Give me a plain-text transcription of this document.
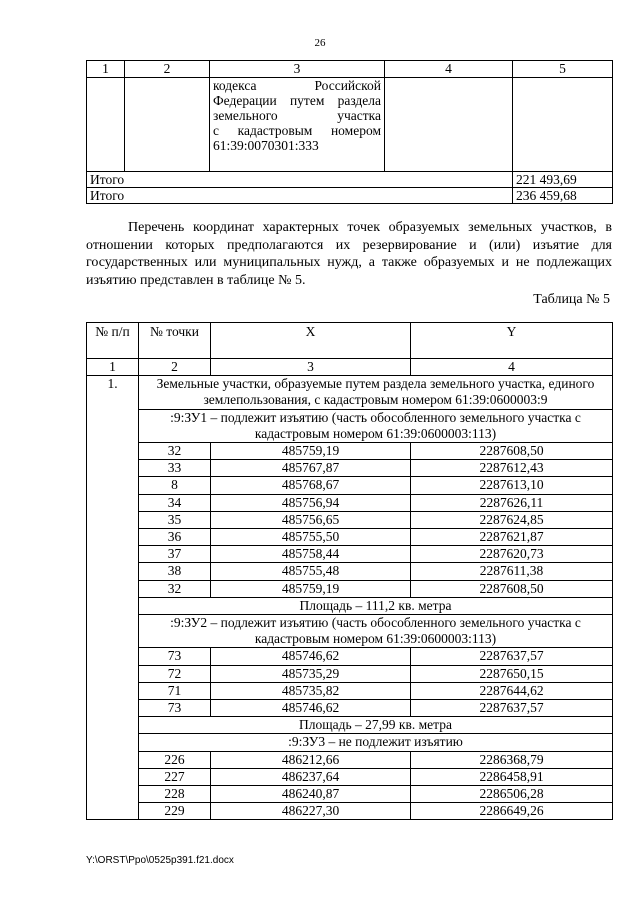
26
1	2	3	4	5

		кодекса Российской
Федерации путем раздела
земельного участка
с кадастровым номером
61:39:0070301:333		

Итого				221 493,69
Итого				236 459,68
Перечень координат характерных точек образуемых земельных участков, в отношении которых предполагаются их резервирование и (или) изъятие для государственных или муниципальных нужд, а также образуемых и не подлежащих изъятию представлен в таблице № 5.
Таблица № 5
№ п/п	№ точки	X	Y
1	2	3	4
1.	Земельные участки, образуемые путем раздела земельного участка, единого землепользования, с кадастровым номером 61:39:0600003:9		
	:9:ЗУ1 – подлежит изъятию (часть обособленного земельного участка с кадастровым номером 61:39:0600003:113)		
	32	485759,19	2287608,50
	33	485767,87	2287612,43
	8	485768,67	2287613,10
	34	485756,94	2287626,11
	35	485756,65	2287624,85
	36	485755,50	2287621,87
	37	485758,44	2287620,73
	38	485755,48	2287611,38
	32	485759,19	2287608,50
	Площадь – 111,2 кв. метра		
	:9:ЗУ2 – подлежит изъятию (часть обособленного земельного участка с кадастровым номером 61:39:0600003:113)		
	73	485746,62	2287637,57
	72	485735,29	2287650,15
	71	485735,82	2287644,62
	73	485746,62	2287637,57
	Площадь – 27,99 кв. метра		
	:9:ЗУ3 – не подлежит изъятию		
	226	486212,66	2286368,79
	227	486237,64	2286458,91
	228	486240,87	2286506,28
	229	486227,30	2286649,26
Y:\ORST\Ppo\0525p391.f21.docx
